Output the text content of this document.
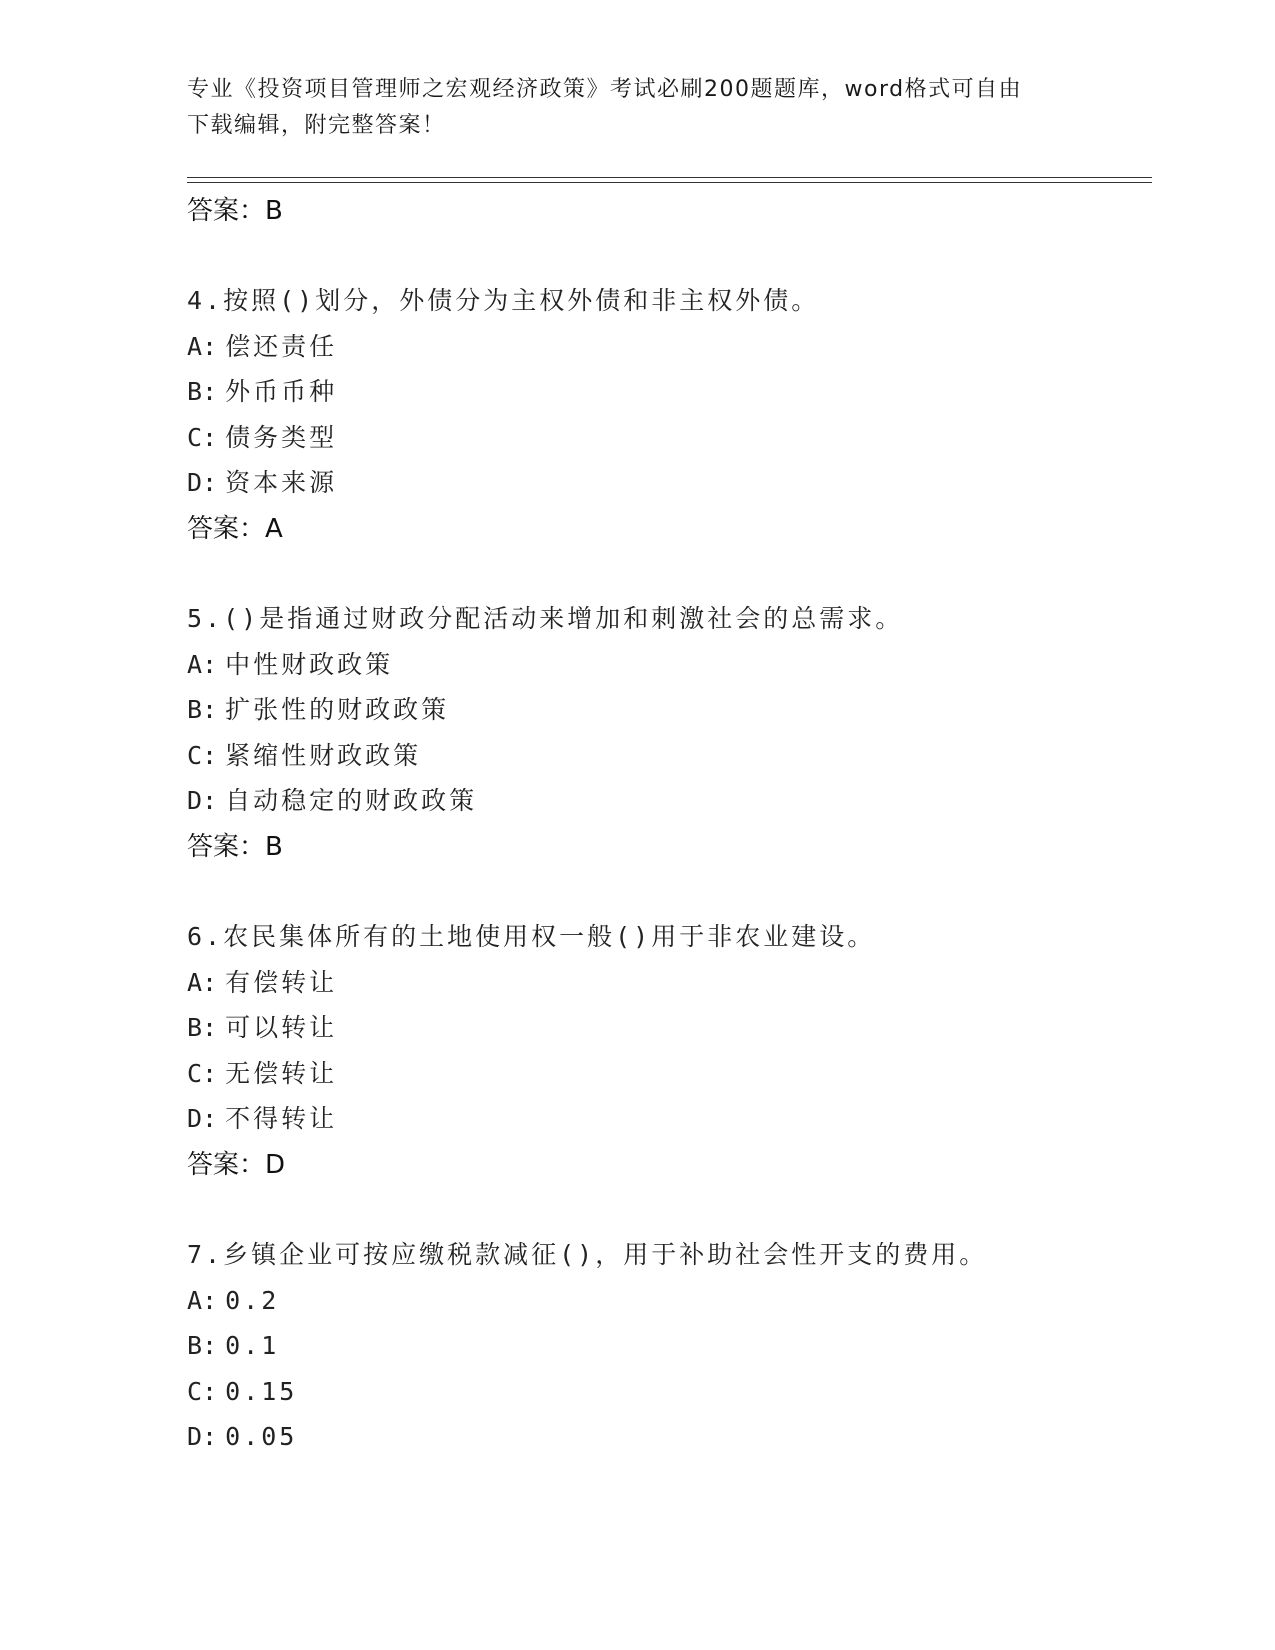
专业《投资项目管理师之宏观经济政策》考试必刷200题题库，word格式可自由
下载编辑，附完整答案！
答案：B
4.按照()划分，外债分为主权外债和非主权外债。
A: 偿还责任
B: 外币币种
C: 债务类型
D: 资本来源
答案：A
5.()是指通过财政分配活动来增加和刺激社会的总需求。
A: 中性财政政策
B: 扩张性的财政政策
C: 紧缩性财政政策
D: 自动稳定的财政政策
答案：B
6.农民集体所有的土地使用权一般()用于非农业建设。
A: 有偿转让
B: 可以转让
C: 无偿转让
D: 不得转让
答案：D
7.乡镇企业可按应缴税款减征()，用于补助社会性开支的费用。
A: 0.2
B: 0.1
C: 0.15
D: 0.05
